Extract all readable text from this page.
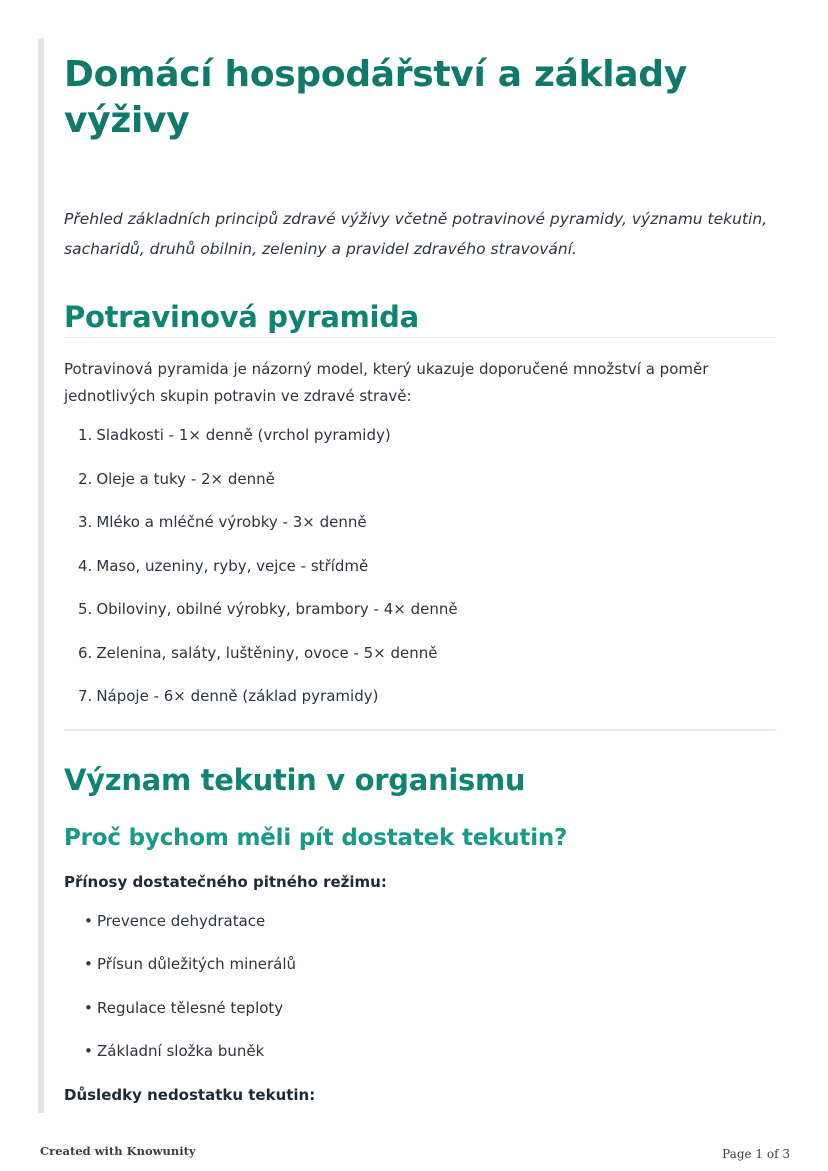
Domácí hospodářství a základy výživy

Přehled základních principů zdravé výživy včetně potravinové pyramidy, významu tekutin, sacharidů, druhů obilnin, zeleniny a pravidel zdravého stravování.

Potravinová pyramida

Potravinová pyramida je názorný model, který ukazuje doporučené množství a poměr jednotlivých skupin potravin ve zdravé stravě:

1. Sladkosti - 1× denně (vrchol pyramidy)
2. Oleje a tuky - 2× denně
3. Mléko a mléčné výrobky - 3× denně
4. Maso, uzeniny, ryby, vejce - střídmě
5. Obiloviny, obilné výrobky, brambory - 4× denně
6. Zelenina, saláty, luštěniny, ovoce - 5× denně
7. Nápoje - 6× denně (základ pyramidy)
Význam tekutin v organismu
Proč bychom měli pít dostatek tekutin?

Přínosy dostatečného pitného režimu:

• Prevence dehydratace
• Přísun důležitých minerálů
• Regulace tělesné teploty
• Základní složka buněk

Důsledky nedostatku tekutin:

Created with Knowunity	Page 1 of 3
